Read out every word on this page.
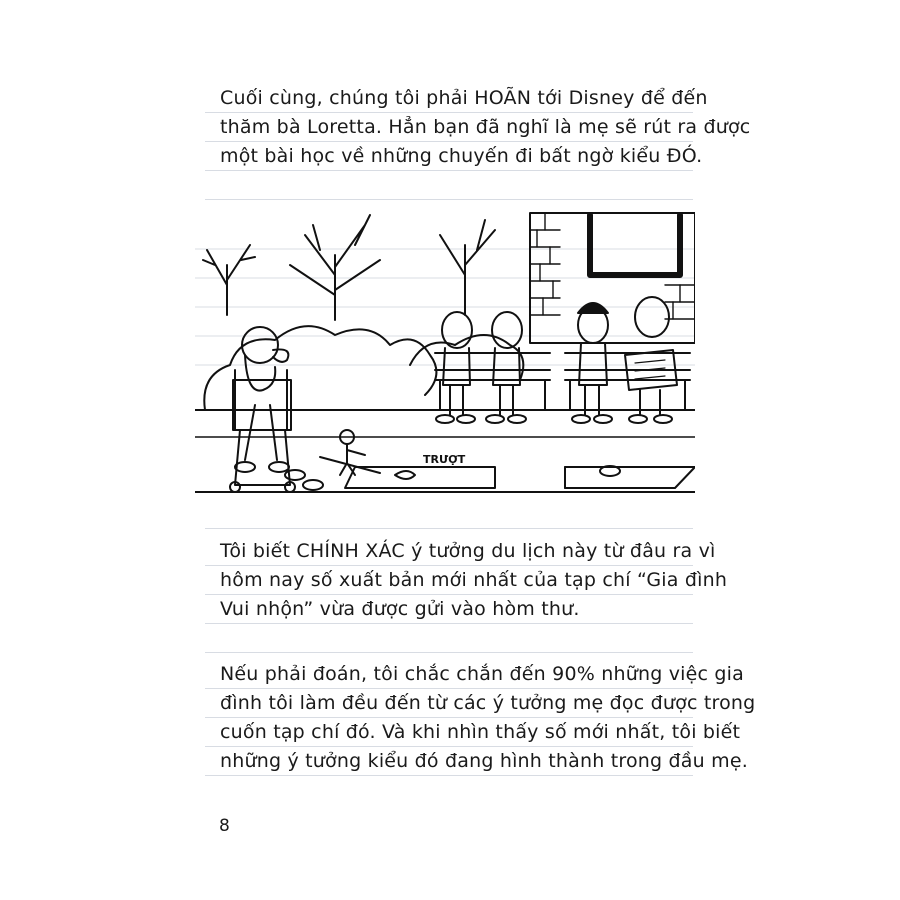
Cuối cùng, chúng tôi phải HOÃN tới Disney để đến
thăm bà Loretta. Hẳn bạn đã nghĩ là mẹ sẽ rút ra được
một bài học về những chuyến đi bất ngờ kiểu ĐÓ.

TRƯỢT

Tôi biết CHÍNH XÁC ý tưởng du lịch này từ đâu ra vì
hôm nay số xuất bản mới nhất của tạp chí “Gia đình
Vui nhộn” vừa được gửi vào hòm thư.

Nếu phải đoán, tôi chắc chắn đến 90% những việc gia
đình tôi làm đều đến từ các ý tưởng mẹ đọc được trong
cuốn tạp chí đó. Và khi nhìn thấy số mới nhất, tôi biết
những ý tưởng kiểu đó đang hình thành trong đầu mẹ.

8
